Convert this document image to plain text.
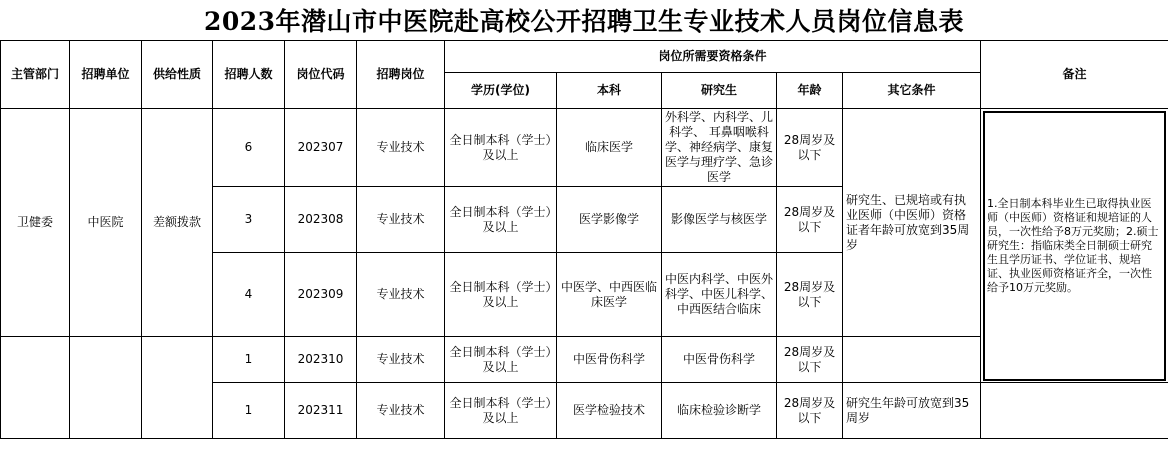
2023年潜山市中医院赴高校公开招聘卫生专业技术人员岗位信息表
主管部门	招聘单位	供给性质	招聘人数	岗位代码	招聘岗位	岗位所需要资格条件					备注
						学历(学位)	本科	研究生	年龄	其它条件	
卫健委	中医院	差额拨款	6	202307	专业技术	全日制本科（学士）及以上	临床医学	外科学、内科学、儿科学、 耳鼻咽喉科学、神经病学、康复医学与理疗学、急诊医学	28周岁及以下	研究生、已规培或有执业医师（中医师）资格证者年龄可放宽到35周岁	1.全日制本科毕业生已取得执业医师（中医师）资格证和规培证的人员，一次性给予8万元奖励；2.硕士研究生：指临床类全日制硕士研究生且学历证书、学位证书、规培证、执业医师资格证齐全，一次性给予10万元奖励。

			3	202308	专业技术	全日制本科（学士）及以上	医学影像学	影像医学与核医学	28周岁及以下		
			4	202309	专业技术	全日制本科（学士）及以上	中医学、中西医临床医学	中医内科学、中医外科学、中医儿科学、中西医结合临床	28周岁及以下		
			1	202310	专业技术	全日制本科（学士）及以上	中医骨伤科学	中医骨伤科学	28周岁及以下		
			1	202311	专业技术	全日制本科（学士）及以上	医学检验技术	临床检验诊断学	28周岁及以下	研究生年龄可放宽到35周岁	
